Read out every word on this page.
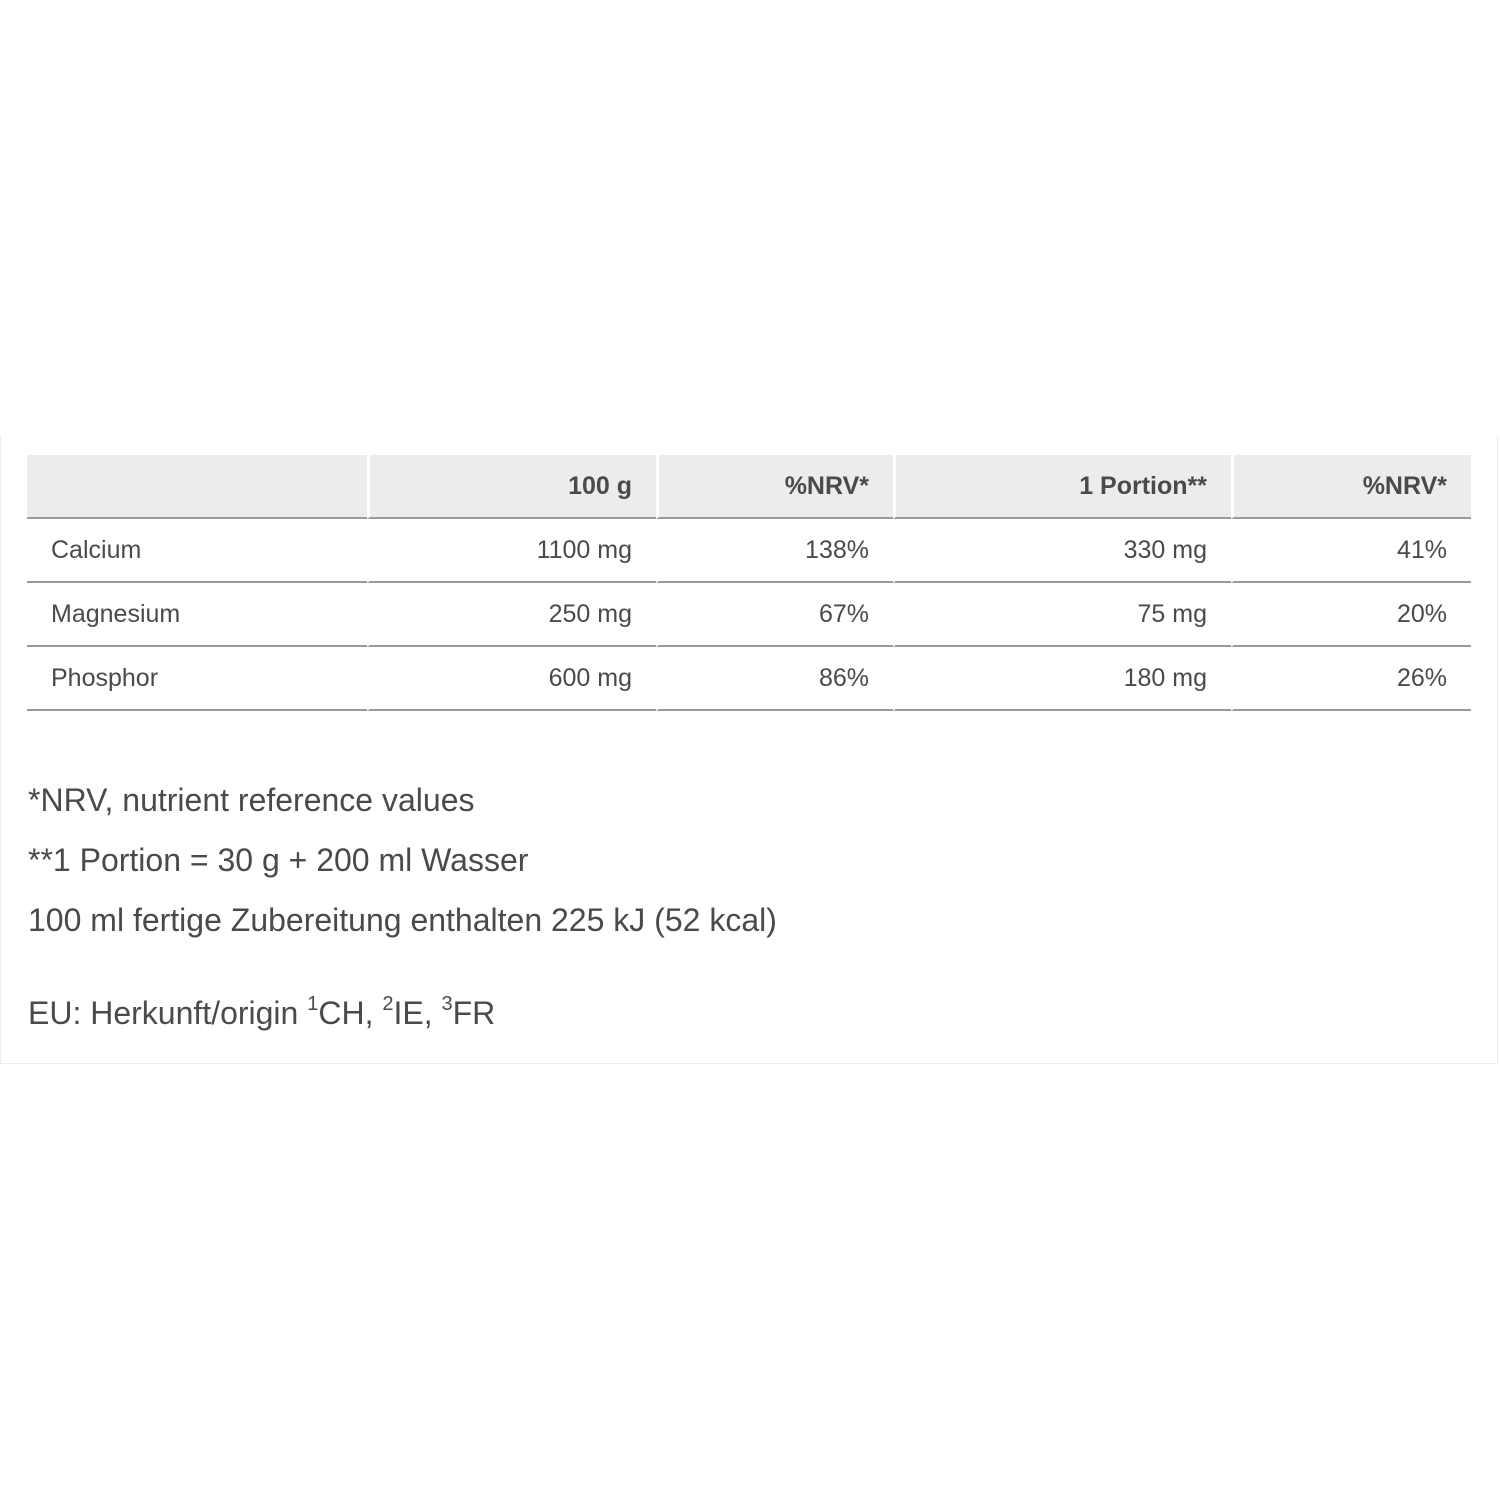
	100 g	%NRV*	1 Portion**	%NRV*
Calcium	1100 mg	138%	330 mg	41%
Magnesium	250 mg	67%	75 mg	20%
Phosphor	600 mg	86%	180 mg	26%
*NRV, nutrient reference values
**1 Portion = 30 g + 200 ml Wasser
100 ml fertige Zubereitung enthalten 225 kJ (52 kcal)
EU: Herkunft/origin $^1$CH, $^2$IE, $^3$FR
